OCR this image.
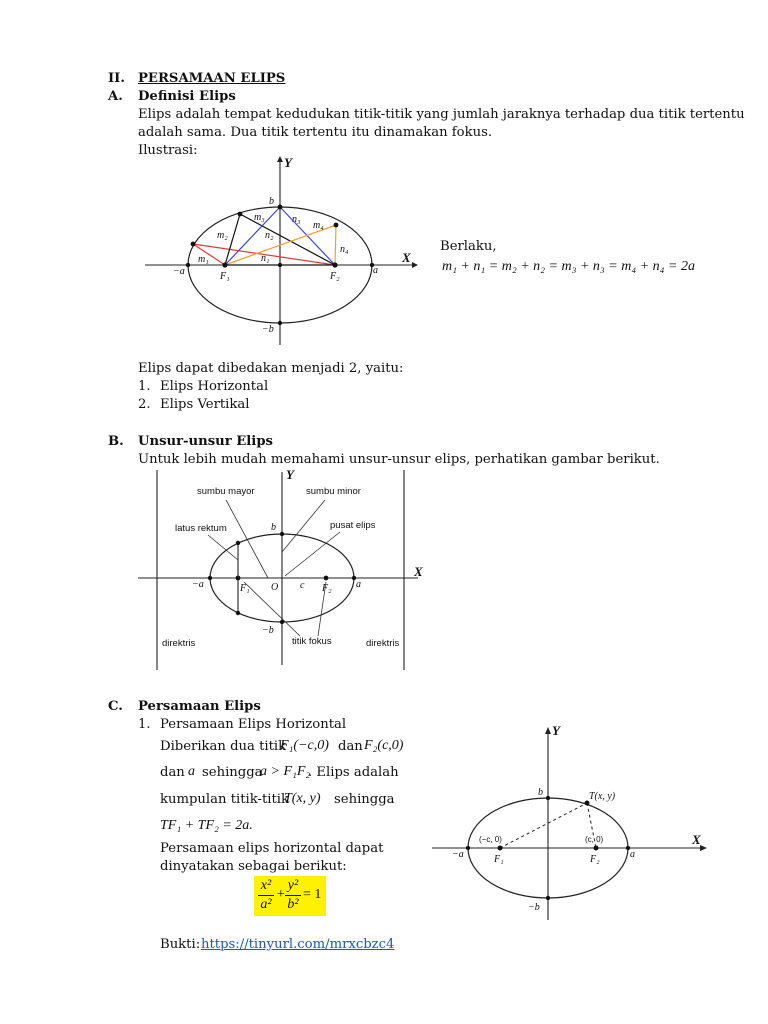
II. PERSAMAAN ELIPS
A. Definisi Elips
Elips adalah tempat kedudukan titik-titik yang jumlah jaraknya terhadap dua titik tertentu
adalah sama. Dua titik tertentu itu dinamakan fokus.
Ilustrasi:
Y
X
b
−b
−a	a
F₁	F₂
m₁
m₂
m₃
m₄
n₁
n₂
n₃
n₄	Berlaku,
m₁ + n₁ = m₂ + n₂ = m₃ + n₃ = m₄ + n₄ = 2a
Elips dapat dibedakan menjadi 2, yaitu:
1. Elips Horizontal
2. Elips Vertikal
B. Unsur-unsur Elips
Untuk lebih mudah memahami unsur-unsur elips, perhatikan gambar berikut.
Y
X
sumbu mayor	sumbu minor
latus rektum	pusat elips
titik fokus
direktris	direktris
b
−b
−a	a
O c
F₁	F₂
C. Persamaan Elips
1. Persamaan Elips Horizontal
Diberikan dua titik
F₁(−c,0) dan F₂(c,0)
dan a sehingga
a > F₁F₂
. Elips adalah
kumpulan titik-titik
T(x, y) sehingga
TF₁ + TF₂ = 2a.
Persamaan elips horizontal dapat
dinyatakan sebagai berikut:
x²
a²
+
y²
b²
= 1
Bukti: https://tinyurl.com/mrxcbzc4
Y
X
b
−b
−a	a
T(x, y)
F₁	F₂
(−c, 0)	(c, 0)
